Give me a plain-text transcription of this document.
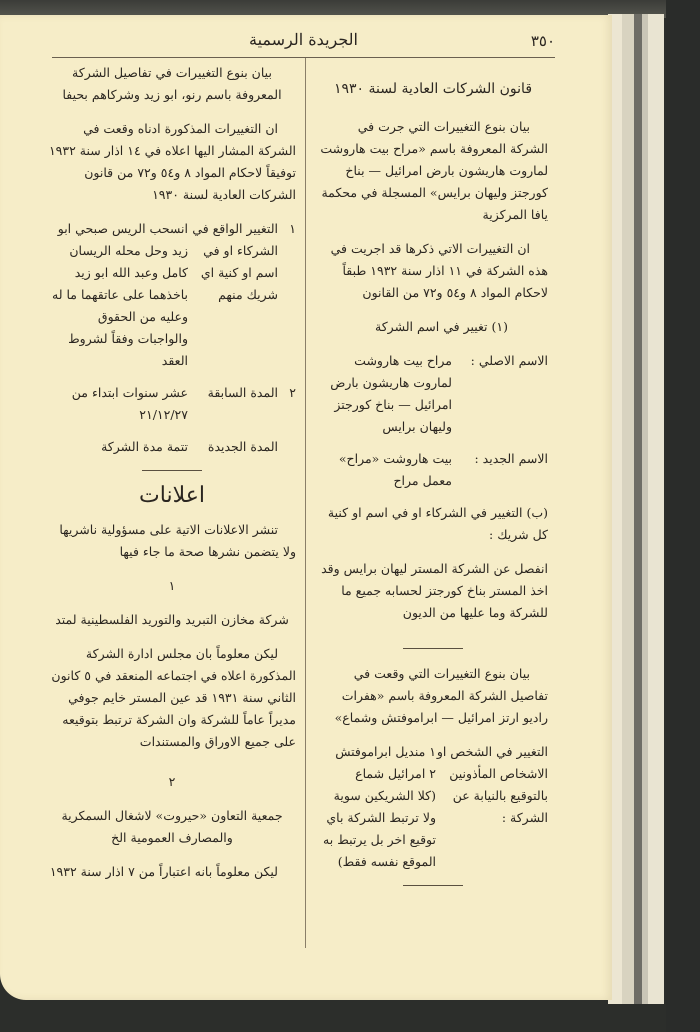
٣٥٠
الجريدة الرسمية
قانون الشركات العادية لسنة ١٩٣٠

بيان بنوع التغييرات التي جرت في الشركة المعروفة باسم «مراح بيت هاروشت لماروت هاريشون بارض امرائيل — بناخ كورجتز وليهان برايس» المسجلة في محكمة يافا المركزية

ان التغييرات الاتي ذكرها قد اجريت في هذه الشركة في ١١ اذار سنة ١٩٣٢ طبقاً لاحكام المواد ٨ و٥٤ و٧٢ من القانون

(١) تغيير في اسم الشركة

الاسم الاصلي :
مراح بيت هاروشت لماروت هاريشون بارض امرائيل — بناخ كورجتز وليهان برايس
الاسم الجديد :
بيت هاروشت «مراح» معمل مراح

(ب) التغيير في الشركاء او في اسم او كنية كل شريك :

انفصل عن الشركة المستر ليهان برايس وقد اخذ المستر بناخ كورجتز لحسابه جميع ما للشركة وما عليها من الديون

بيان بنوع التغييرات التي وقعت في تفاصيل الشركة المعروفة باسم «هفرات راديو ارتز امرائيل — ابراموفتش وشماع»

التغيير في الشخص او الاشخاص المأذونين بالتوقيع بالنيابة عن الشركة :
١ منديل ابراموفتش
٢ امرائيل شماع
(كلا الشريكين سوية ولا ترتبط الشركة باي توقيع اخر بل يرتبط به الموقع نفسه فقط)

بيان بنوع التغييرات في تفاصيل الشركة المعروفة باسم رنو، ابو زيد وشركاهم بحيفا

ان التغييرات المذكورة ادناه وقعت في الشركة المشار اليها اعلاه في ١٤ اذار سنة ١٩٣٢ توفيقاً لاحكام المواد ٨ و٥٤ و٧٢ من قانون الشركات العادية لسنة ١٩٣٠

١
التغيير الواقع في الشركاء او في اسم او كنية اي شريك منهم
انسحب الريس صبحي ابو زيد وحل محله الريسان كامل وعبد الله ابو زيد باخذهما على عاتقهما ما له وعليه من الحقوق والواجبات وفقاً لشروط العقد
٢
المدة السابقة
عشر سنوات ابتداء من ٢١/١٢/٢٧
المدة الجديدة
تتمة مدة الشركة
اعلانات

تنشر الاعلانات الاتية على مسؤولية ناشريها ولا يتضمن نشرها صحة ما جاء فيها

١

شركة مخازن التبريد والتوريد الفلسطينية لمتد

ليكن معلوماً بان مجلس ادارة الشركة المذكورة اعلاه في اجتماعه المنعقد في ٥ كانون الثاني سنة ١٩٣١ قد عين المستر خايم جوفي مديراً عاماً للشركة وان الشركة ترتبط بتوقيعه على جميع الاوراق والمستندات

٢

جمعية التعاون «حيروت» لاشغال السمكرية والمصارف العمومية الخ

ليكن معلوماً بانه اعتباراً من ٧ اذار سنة ١٩٣٢
